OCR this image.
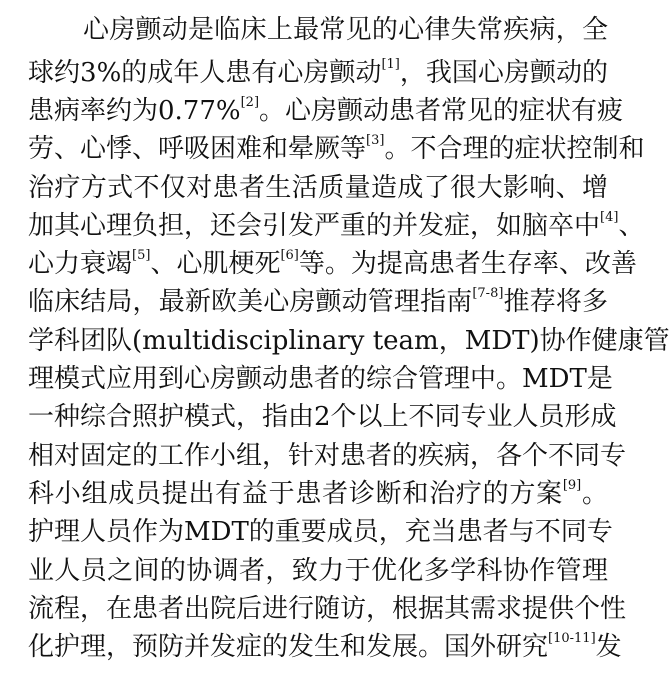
心房颤动是临床上最常见的心律失常疾病，全
球约3%的成年人患有心房颤动[1]，我国心房颤动的
患病率约为0.77%[2]。心房颤动患者常见的症状有疲
劳、心悸、呼吸困难和晕厥等[3]。不合理的症状控制和
治疗方式不仅对患者生活质量造成了很大影响、增
加其心理负担，还会引发严重的并发症，如脑卒中[4]、
心力衰竭[5]、心肌梗死[6]等。为提高患者生存率、改善
临床结局，最新欧美心房颤动管理指南[7-8]推荐将多
学科团队(multidisciplinary team，MDT)协作健康管
理模式应用到心房颤动患者的综合管理中。MDT是
一种综合照护模式，指由2个以上不同专业人员形成
相对固定的工作小组，针对患者的疾病，各个不同专
科小组成员提出有益于患者诊断和治疗的方案[9]。
护理人员作为MDT的重要成员，充当患者与不同专
业人员之间的协调者，致力于优化多学科协作管理
流程，在患者出院后进行随访，根据其需求提供个性
化护理，预防并发症的发生和发展。国外研究[10-11]发
